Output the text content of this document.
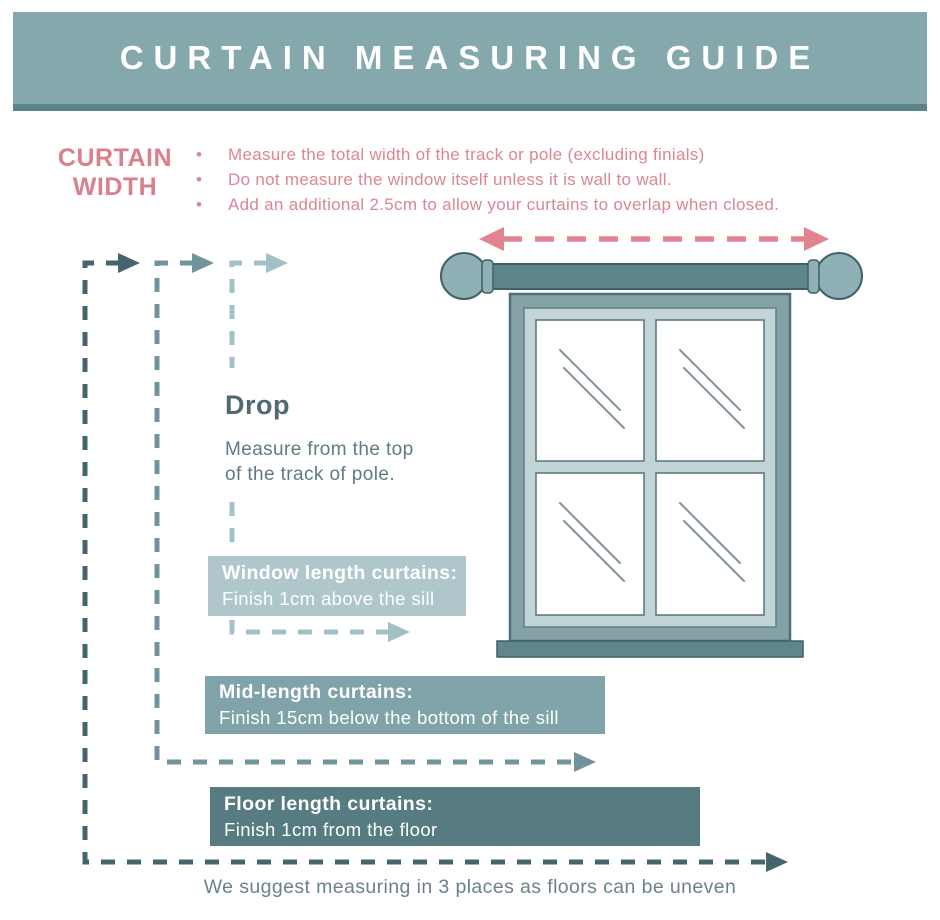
CURTAIN MEASURING GUIDE
CURTAIN
WIDTH
•	Measure the total width of the track or pole (excluding finials)
•	Do not measure the window itself unless it is wall to wall.
•	Add an additional 2.5cm to allow your curtains to overlap when closed.
Drop

Measure from the top
of the track of pole.

Window length curtains:
Finish 1cm above the sill
Mid-length curtains:
Finish 15cm below the bottom of the sill
Floor length curtains:
Finish 1cm from the floor
We suggest measuring in 3 places as floors can be uneven
